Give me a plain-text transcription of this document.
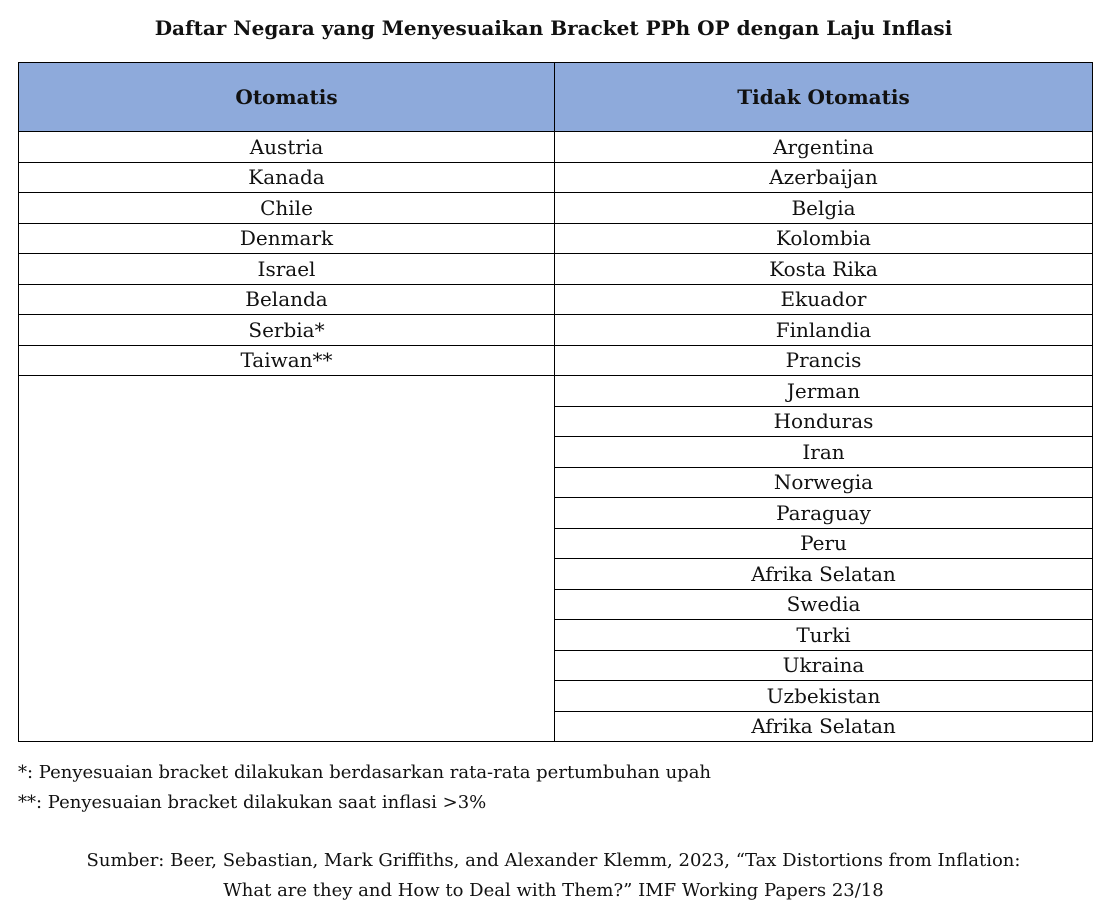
Daftar Negara yang Menyesuaikan Bracket PPh OP dengan Laju Inflasi
Otomatis	Tidak Otomatis
Austria	Argentina
Kanada	Azerbaijan
Chile	Belgia
Denmark	Kolombia
Israel	Kosta Rika
Belanda	Ekuador
Serbia*	Finlandia
Taiwan**	Prancis
	Jerman
	Honduras
	Iran
	Norwegia
	Paraguay
	Peru
	Afrika Selatan
	Swedia
	Turki
	Ukraina
	Uzbekistan
	Afrika Selatan
*: Penyesuaian bracket dilakukan berdasarkan rata-rata pertumbuhan upah
**: Penyesuaian bracket dilakukan saat inflasi >3%
Sumber: Beer, Sebastian, Mark Griffiths, and Alexander Klemm, 2023, “Tax Distortions from Inflation:
What are they and How to Deal with Them?” IMF Working Papers 23/18
